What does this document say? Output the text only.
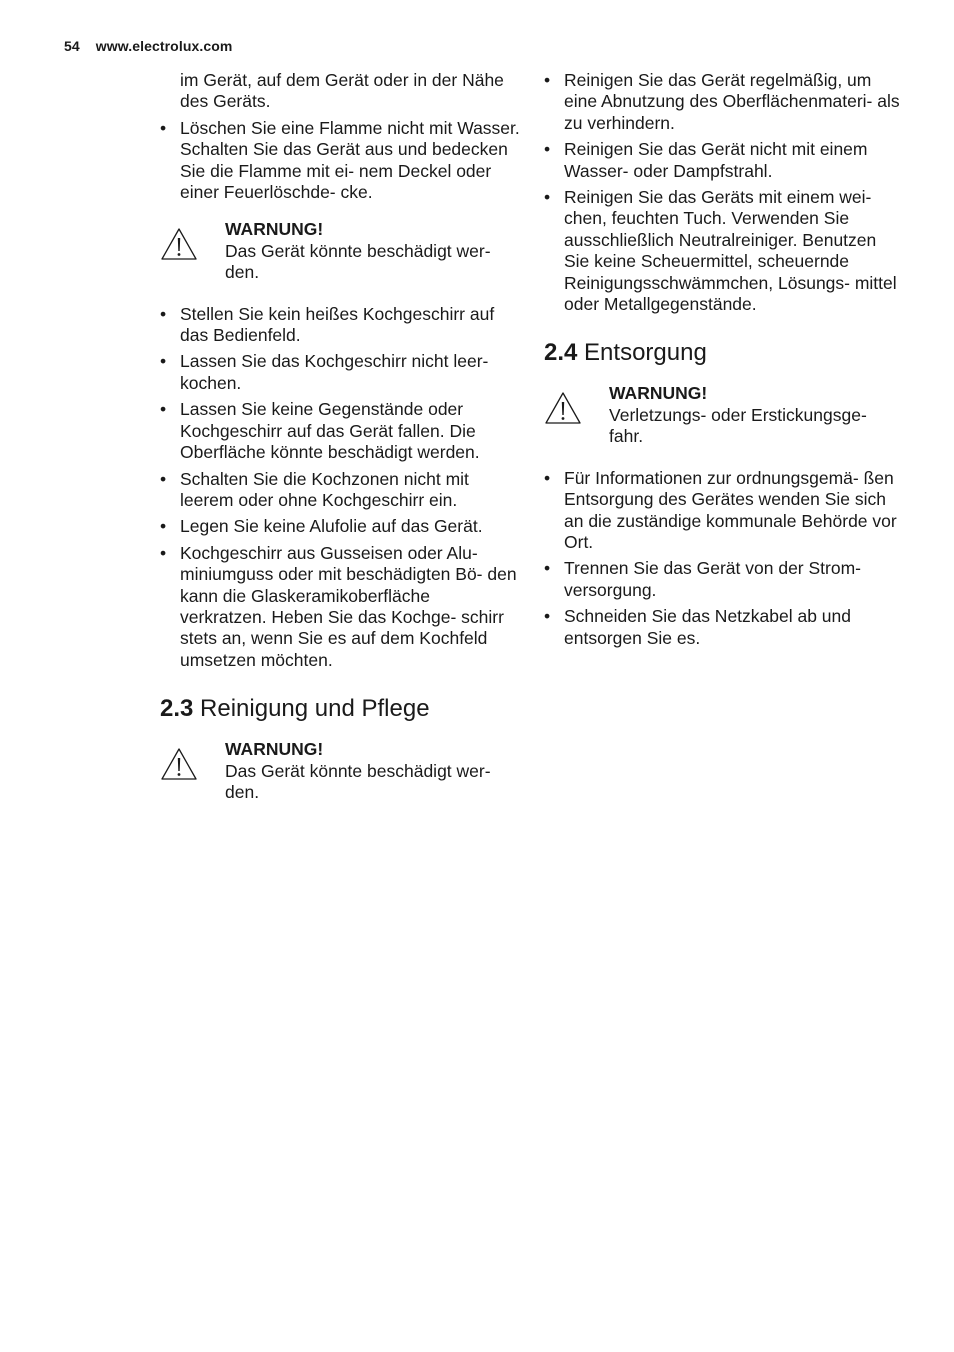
54 www.electrolux.com

im Gerät, auf dem Gerät oder in der Nähe des Geräts.

• Löschen Sie eine Flamme nicht mit Wasser. Schalten Sie das Gerät aus und bedecken Sie die Flamme mit ei- nem Deckel oder einer Feuerlöschde- cke.
WARNUNG!
Das Gerät könnte beschädigt wer- den.
• Stellen Sie kein heißes Kochgeschirr auf das Bedienfeld.
• Lassen Sie das Kochgeschirr nicht leer- kochen.
• Lassen Sie keine Gegenstände oder Kochgeschirr auf das Gerät fallen. Die Oberfläche könnte beschädigt werden.
• Schalten Sie die Kochzonen nicht mit leerem oder ohne Kochgeschirr ein.
• Legen Sie keine Alufolie auf das Gerät.
• Kochgeschirr aus Gusseisen oder Alu- miniumguss oder mit beschädigten Bö- den kann die Glaskeramikoberfläche verkratzen. Heben Sie das Kochge- schirr stets an, wenn Sie es auf dem Kochfeld umsetzen möchten.
2.3 Reinigung und Pflege
WARNUNG!
Das Gerät könnte beschädigt wer- den.
• Reinigen Sie das Gerät regelmäßig, um eine Abnutzung des Oberflächenmateri- als zu verhindern.
• Reinigen Sie das Gerät nicht mit einem Wasser- oder Dampfstrahl.
• Reinigen Sie das Geräts mit einem wei- chen, feuchten Tuch. Verwenden Sie ausschließlich Neutralreiniger. Benutzen Sie keine Scheuermittel, scheuernde Reinigungsschwämmchen, Lösungs- mittel oder Metallgegenstände.
2.4 Entsorgung
WARNUNG!
Verletzungs- oder Erstickungsge- fahr.
• Für Informationen zur ordnungsgemä- ßen Entsorgung des Gerätes wenden Sie sich an die zuständige kommunale Behörde vor Ort.
• Trennen Sie das Gerät von der Strom- versorgung.
• Schneiden Sie das Netzkabel ab und entsorgen Sie es.
